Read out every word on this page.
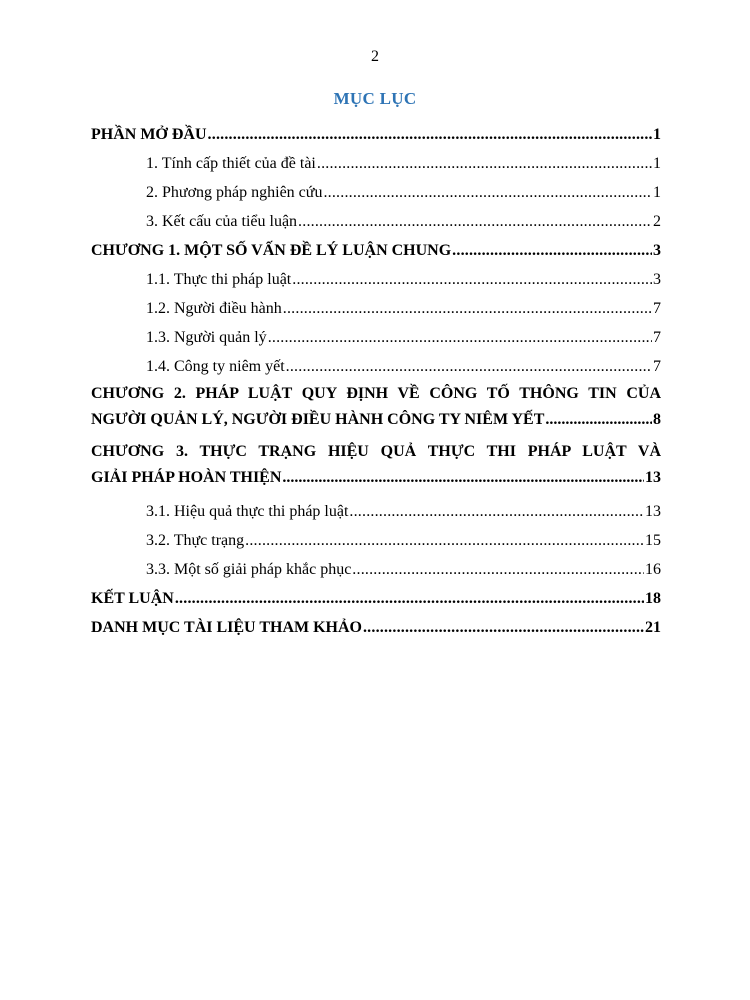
2
MỤC LỤC
PHẦN MỞ ĐẦU .....	1
1. Tính cấp thiết của đề tài .....	1
2. Phương pháp nghiên cứu .....	1
3. Kết cấu của tiểu luận .....	2
CHƯƠNG 1. MỘT SỐ VẤN ĐỀ LÝ LUẬN CHUNG .....	3
1.1. Thực thi pháp luật .....	3
1.2. Người điều hành .....	7
1.3. Người quản lý .....	7
1.4. Công ty niêm yết .....	7
CHƯƠNG 2. PHÁP LUẬT QUY ĐỊNH VỀ CÔNG TỐ THÔNG TIN CỦA
NGƯỜI QUẢN LÝ, NGƯỜI ĐIỀU HÀNH CÔNG TY NIÊM YẾT .....	8
CHƯƠNG 3. THỰC TRẠNG HIỆU QUẢ THỰC THI PHÁP LUẬT VÀ
GIẢI PHÁP HOÀN THIỆN .....	13
3.1. Hiệu quả thực thi pháp luật .....	13
3.2. Thực trạng .....	15
3.3. Một số giải pháp khắc phục .....	16
KẾT LUẬN .....	18
DANH MỤC TÀI LIỆU THAM KHẢO .....	21
